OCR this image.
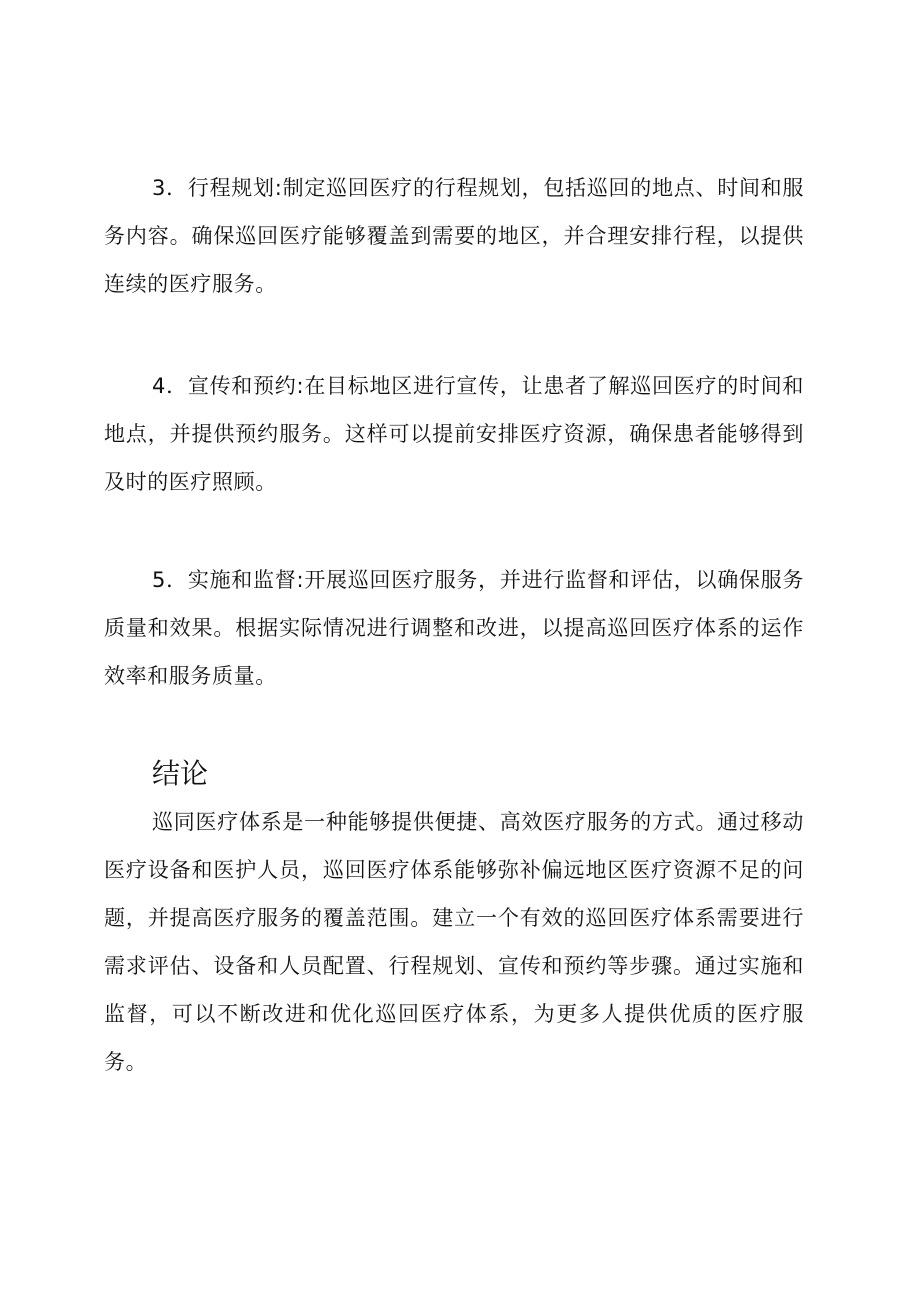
3．行程规划:制定巡回医疗的行程规划，包括巡回的地点、时间和服务内容。确保巡回医疗能够覆盖到需要的地区，并合理安排行程，以提供连续的医疗服务。

4．宣传和预约:在目标地区进行宣传，让患者了解巡回医疗的时间和地点，并提供预约服务。这样可以提前安排医疗资源，确保患者能够得到及时的医疗照顾。

5．实施和监督:开展巡回医疗服务，并进行监督和评估，以确保服务质量和效果。根据实际情况进行调整和改进，以提高巡回医疗体系的运作效率和服务质量。

结论

巡同医疗体系是一种能够提供便捷、高效医疗服务的方式。通过移动医疗设备和医护人员，巡回医疗体系能够弥补偏远地区医疗资源不足的问题，并提高医疗服务的覆盖范围。建立一个有效的巡回医疗体系需要进行需求评估、设备和人员配置、行程规划、宣传和预约等步骤。通过实施和监督，可以不断改进和优化巡回医疗体系，为更多人提供优质的医疗服务。
